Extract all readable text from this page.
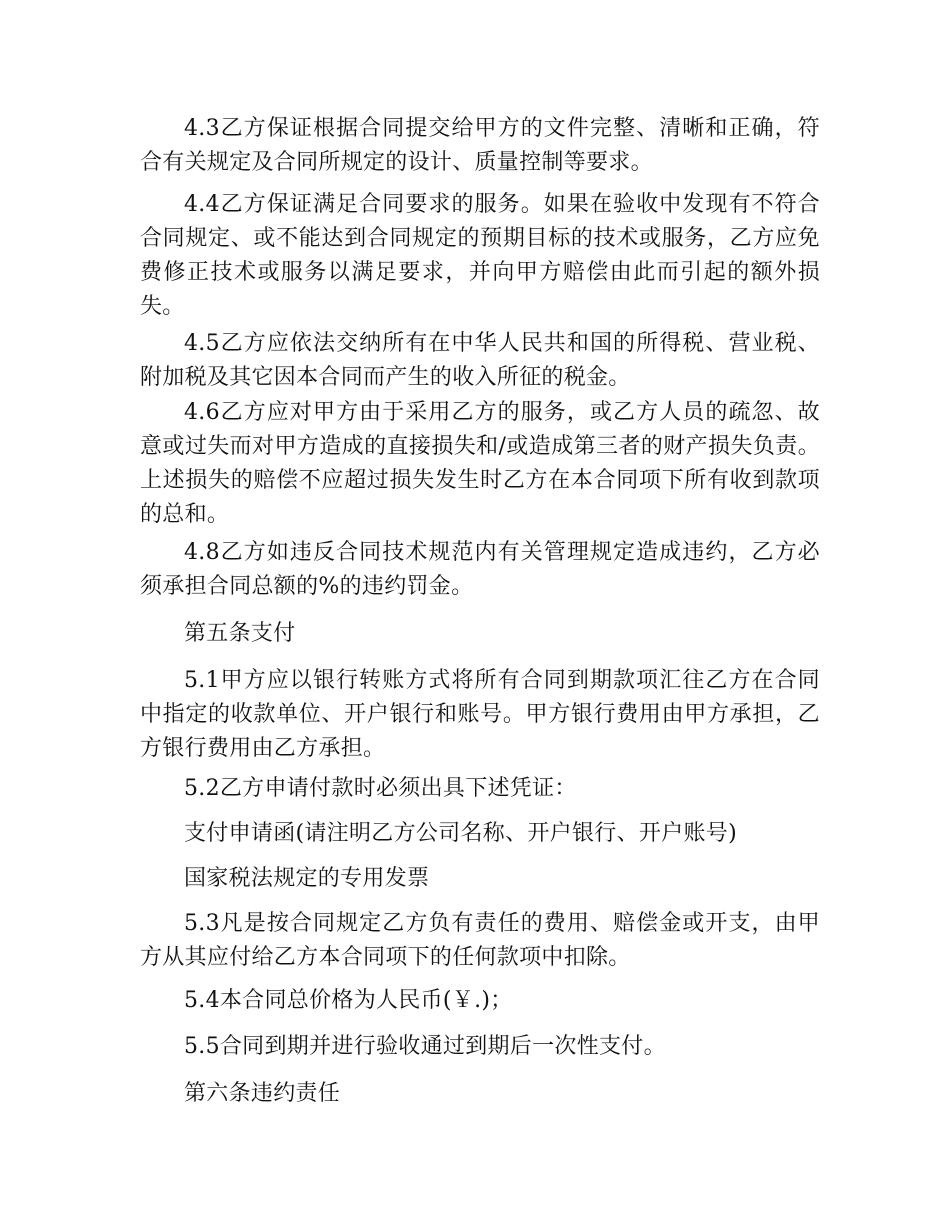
4.3乙方保证根据合同提交给甲方的文件完整、清晰和正确，符合有关规定及合同所规定的设计、质量控制等要求。

4.4乙方保证满足合同要求的服务。如果在验收中发现有不符合合同规定、或不能达到合同规定的预期目标的技术或服务，乙方应免费修正技术或服务以满足要求，并向甲方赔偿由此而引起的额外损失。

4.5乙方应依法交纳所有在中华人民共和国的所得税、营业税、附加税及其它因本合同而产生的收入所征的税金。

4.6乙方应对甲方由于采用乙方的服务，或乙方人员的疏忽、故意或过失而对甲方造成的直接损失和/或造成第三者的财产损失负责。上述损失的赔偿不应超过损失发生时乙方在本合同项下所有收到款项的总和。

4.8乙方如违反合同技术规范内有关管理规定造成违约，乙方必须承担合同总额的%的违约罚金。

第五条支付

5.1甲方应以银行转账方式将所有合同到期款项汇往乙方在合同中指定的收款单位、开户银行和账号。甲方银行费用由甲方承担，乙方银行费用由乙方承担。

5.2乙方申请付款时必须出具下述凭证：

支付申请函(请注明乙方公司名称、开户银行、开户账号)

国家税法规定的专用发票

5.3凡是按合同规定乙方负有责任的费用、赔偿金或开支，由甲方从其应付给乙方本合同项下的任何款项中扣除。

5.4本合同总价格为人民币(￥.)；

5.5合同到期并进行验收通过到期后一次性支付。

第六条违约责任
